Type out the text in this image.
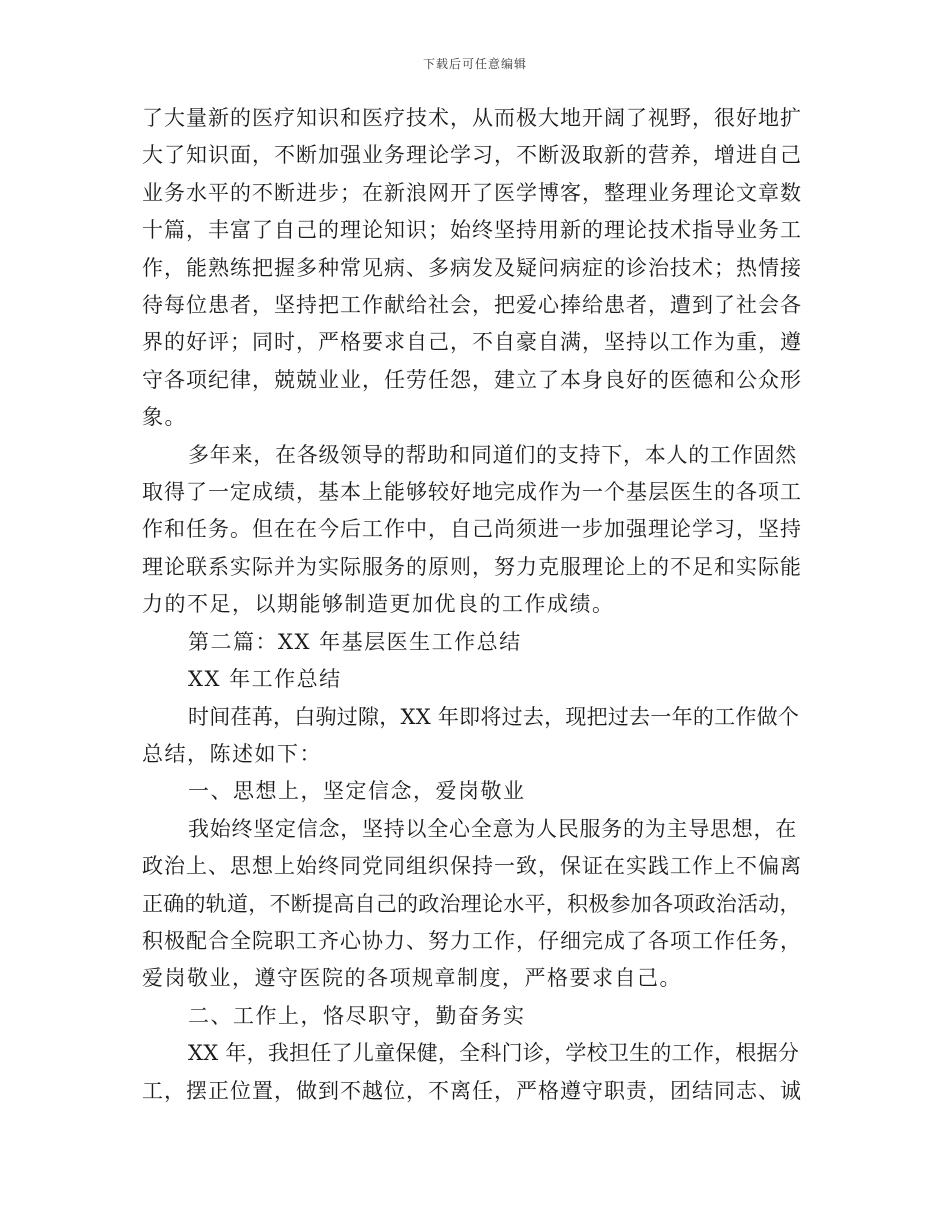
下载后可任意编辑

了大量新的医疗知识和医疗技术，从而极大地开阔了视野，很好地扩

大了知识面，不断加强业务理论学习，不断汲取新的营养，增进自己

业务水平的不断进步；在新浪网开了医学博客，整理业务理论文章数

十篇，丰富了自己的理论知识；始终坚持用新的理论技术指导业务工

作，能熟练把握多种常见病、多病发及疑问病症的诊治技术；热情接

待每位患者，坚持把工作献给社会，把爱心捧给患者，遭到了社会各

界的好评；同时，严格要求自己，不自豪自满，坚持以工作为重，遵

守各项纪律，兢兢业业，任劳任怨，建立了本身良好的医德和公众形

象。

多年来，在各级领导的帮助和同道们的支持下，本人的工作固然

取得了一定成绩，基本上能够较好地完成作为一个基层医生的各项工

作和任务。但在在今后工作中，自己尚须进一步加强理论学习，坚持

理论联系实际并为实际服务的原则，努力克服理论上的不足和实际能

力的不足，以期能够制造更加优良的工作成绩。

第二篇：XX 年基层医生工作总结

XX 年工作总结

时间荏苒，白驹过隙，XX 年即将过去，现把过去一年的工作做个

总结，陈述如下：

一、思想上，坚定信念，爱岗敬业

我始终坚定信念，坚持以全心全意为人民服务的为主导思想，在

政治上、思想上始终同党同组织保持一致，保证在实践工作上不偏离

正确的轨道，不断提高自己的政治理论水平，积极参加各项政治活动，

积极配合全院职工齐心协力、努力工作，仔细完成了各项工作任务，

爱岗敬业，遵守医院的各项规章制度，严格要求自己。

二、工作上，恪尽职守，勤奋务实

XX 年，我担任了儿童保健，全科门诊，学校卫生的工作，根据分

工，摆正位置，做到不越位，不离任，严格遵守职责，团结同志、诚
